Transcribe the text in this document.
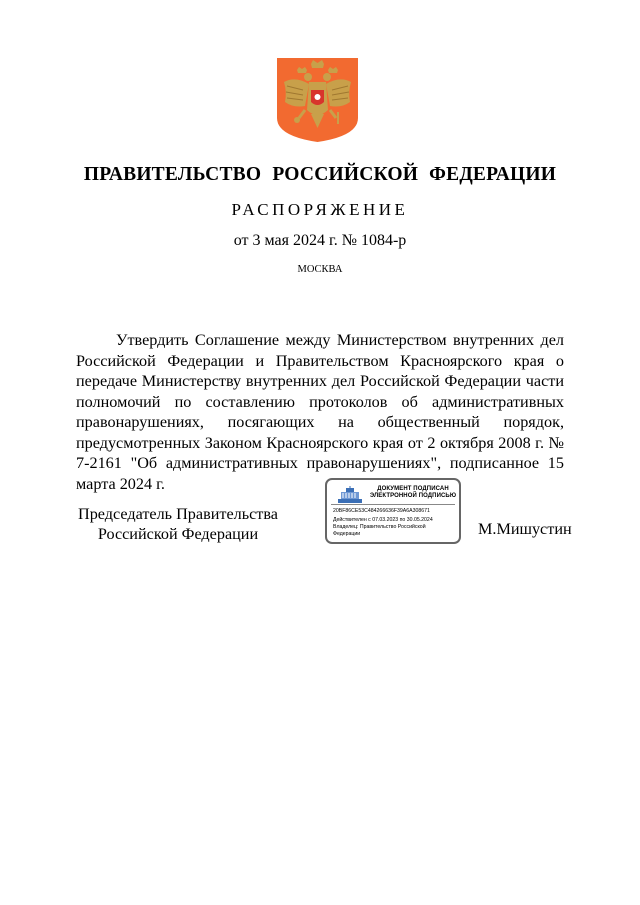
ПРАВИТЕЛЬСТВО РОССИЙСКОЙ ФЕДЕРАЦИИ
РАСПОРЯЖЕНИЕ
от 3 мая 2024 г. № 1084-р
МОСКВА
Утвердить Соглашение между Министерством внутренних дел Российской Федерации и Правительством Красноярского края о передаче Министерству внутренних дел Российской Федерации части полномочий по составлению протоколов об административных правонарушениях, посягающих на общественный порядок, предусмотренных Законом Красноярского края от 2 октября 2008 г. № 7-2161 "Об административных правонарушениях", подписанное 15 марта 2024 г.
Председатель Правительства
Российской Федерации
ДОКУМЕНТ ПОДПИСАН
ЭЛЕКТРОННОЙ ПОДПИСЬЮ
20BF86CE53C484266636F39A6A308671
Действителен с 07.03.2023 по 30.05.2024
Владелец: Правительство Российской
Федерации	М.Мишустин
